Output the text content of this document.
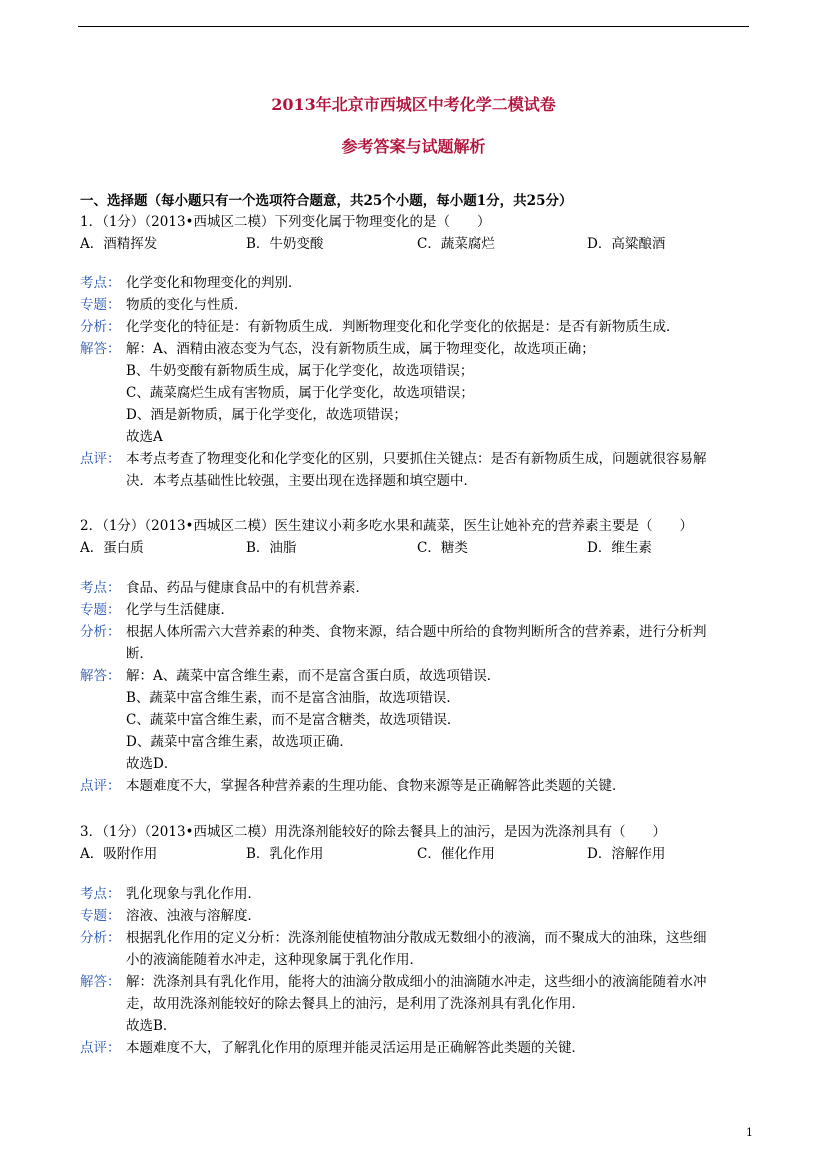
2013年北京市西城区中考化学二模试卷
参考答案与试题解析
一、选择题（每小题只有一个选项符合题意，共25个小题，每小题1分，共25分）
1．（1分）（2013•西城区二模）下列变化属于物理变化的是（　　）
A．酒精挥发	B．牛奶变酸	C．蔬菜腐烂	D．高粱酿酒
考点： 化学变化和物理变化的判别．
专题： 物质的变化与性质．
分析： 化学变化的特征是：有新物质生成．判断物理变化和化学变化的依据是：是否有新物质生成．
解答： 解：A、酒精由液态变为气态，没有新物质生成，属于物理变化，故选项正确；
B、牛奶变酸有新物质生成，属于化学变化，故选项错误；
C、蔬菜腐烂生成有害物质，属于化学变化，故选项错误；
D、酒是新物质，属于化学变化，故选项错误；
故选A
点评： 本考点考查了物理变化和化学变化的区别，只要抓住关键点：是否有新物质生成，问题就很容易解
决．本考点基础性比较强，主要出现在选择题和填空题中．
2．（1分）（2013•西城区二模）医生建议小莉多吃水果和蔬菜，医生让她补充的营养素主要是（　　）
A．蛋白质	B．油脂	C．糖类	D．维生素
考点： 食品、药品与健康食品中的有机营养素．
专题： 化学与生活健康．
分析： 根据人体所需六大营养素的种类、食物来源，结合题中所给的食物判断所含的营养素，进行分析判
断．
解答： 解：A、蔬菜中富含维生素，而不是富含蛋白质，故选项错误．
B、蔬菜中富含维生素，而不是富含油脂，故选项错误．
C、蔬菜中富含维生素，而不是富含糖类，故选项错误．
D、蔬菜中富含维生素，故选项正确．
故选D．
点评： 本题难度不大，掌握各种营养素的生理功能、食物来源等是正确解答此类题的关键．
3．（1分）（2013•西城区二模）用洗涤剂能较好的除去餐具上的油污，是因为洗涤剂具有（　　）
A．吸附作用	B．乳化作用	C．催化作用	D．溶解作用
考点： 乳化现象与乳化作用．
专题： 溶液、浊液与溶解度．
分析： 根据乳化作用的定义分析：洗涤剂能使植物油分散成无数细小的液滴，而不聚成大的油珠，这些细
小的液滴能随着水冲走，这种现象属于乳化作用．
解答： 解：洗涤剂具有乳化作用，能将大的油滴分散成细小的油滴随水冲走，这些细小的液滴能随着水冲
走，故用洗涤剂能较好的除去餐具上的油污，是利用了洗涤剂具有乳化作用．
故选B．
点评： 本题难度不大，了解乳化作用的原理并能灵活运用是正确解答此类题的关键．
1
